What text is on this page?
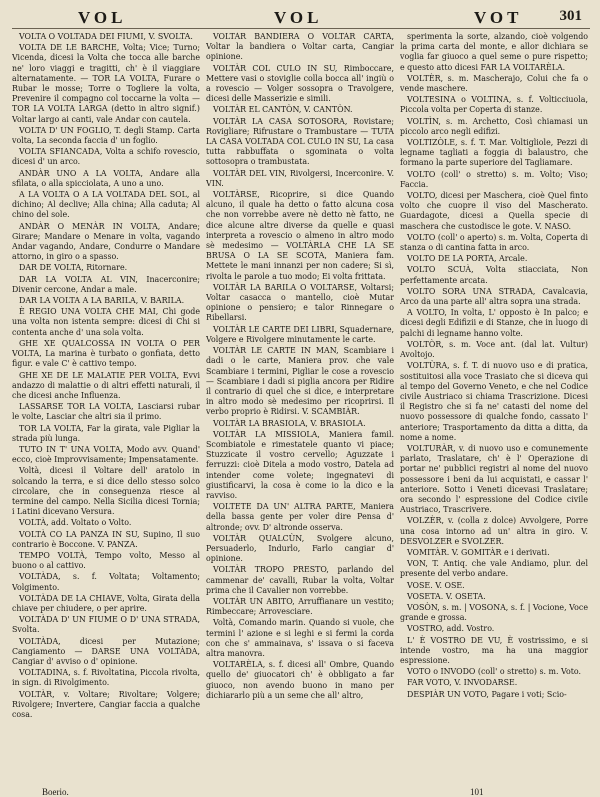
VOL	VOL	VOT 301

VOLTA O VOLTADA DEI FIUMI, V. SVOLTA.

VOLTA DE LE BARCHE, Volta; Vice; Turno; Vicenda, dicesi la Volta che tocca alle barche ne' loro viaggi e tragitti, ch' è il viaggiare alternatamente. — TOR LA VOLTA, Furare o Rubar le mosse; Torre o Togliere la volta, Prevenire il compagno col toccarne la volta — TOR LA VOLTA LARGA (detto in altro signif.) Voltar largo ai canti, vale Andar con cautela.

VOLTA D' UN FOGLIO, T. degli Stamp. Carta volta, La seconda faccia d' un foglio.

VOLTA SFIANCADA, Volta a schifo rovescio, dicesi d' un arco.

ANDÀR UNO A LA VOLTA, Andare alla sfilata, o alla spicciolata, A uno a uno.

A LA VOLTA O A LA VOLTADA DEL SOL, al dichino; Al declive; Alla china; Alla caduta; Al chino del sole.

ANDÀR O MENÀR IN VOLTA, Andare; Girare; Mandare o Menare in volta, vagando Andar vagando, Andare, Condurre o Mandare attorno, in giro o a spasso.

DAR DE VOLTA, Ritornare.

DAR LA VOLTA AL VIN, Inacerconire; Divenir cercone, Andar a male.

DAR LA VOLTA A LA BARILA, V. BARILA.

È REGIO UNA VOLTA CHE MAI, Chi gode una volta non istenta sempre: dicesi di Chi si contenta anche d' una sola volta.

GHE XE QUALCOSSA IN VOLTA O PER VOLTA, La marina è turbato o gonfiata, detto figur. e vale C' è cattivo tempo.

GHE XE DE LE MALATIE PER VOLTA, Evvi andazzo di malattie o di altri effetti naturali, il che dicesi anche Influenza.

LASSARSE TOR LA VOLTA, Lasciarsi rubar le volte, Lasciar che altri sia il primo.

TOR LA VOLTA, Far la girata, vale Pigliar la strada più lunga.

TUTO IN T' UNA VOLTA, Modo avv. Quand' ecco, cioè Improvvisamente; Impensatamente.

Voltà, dicesi il Voltare dell' aratolo in solcando la terra, e si dice dello stesso solco circolare, che in conseguenza riesce al termine del campo. Nella Sicilia dicesi Tornia; i Latini dicevano Versura.

VOLTÀ, add. Voltato o Volto.

VOLTÀ CO LA PANZA IN SU, Supino, Il suo contrario è Boccone. V. PANZA.

TEMPO VOLTÀ, Tempo volto, Messo al buono o al cattivo.

VOLTÀDA, s. f. Voltata; Voltamento; Volgimento.

VOLTÀDA DE LA CHIAVE, Volta, Girata della chiave per chiudere, o per aprire.

VOLTÀDA D' UN FIUME O D' UNA STRADA, Svolta.

VOLTÀDA, dicesi per Mutazione; Cangiamento — DARSE UNA VOLTÀDA, Cangiar d' avviso o d' opinione.

VOLTADINA, s. f. Rivoltatina, Piccola rivolta, in sign. di Rivolgimento.

VOLTÀR, v. Voltare; Rivoltare; Volgere; Rivolgere; Invertere, Cangiar faccia a qualche cosa.

VOLTÀR BANDIERA O VOLTÀR CARTA, Voltar la bandiera o Voltar carta, Cangiar opinione.

VOLTÀR COL CULO IN SU, Rimboccare, Mettere vasi o stoviglie colla bocca all' ingiù o a rovescio — Volger sossopra o Travolgere, dicesi delle Masserizie e simili.

VOLTÀR EL CANTÒN, V. CANTÒN.

VOLTÀR LA CASA SOTOSORA, Rovistare; Rovigliare; Rifrustare o Trambustare — TUTA LA CASA VOLTADA COL CULO IN SU, La casa tutta rabbuffata o sgominata o volta sottosopra o trambustata.

VOLTÀR DEL VIN, Rivolgersi, Incerconire. V. VIN.

VOLTÀRSE, Ricoprire, si dice Quando alcuno, il quale ha detto o fatto alcuna cosa che non vorrebbe avere nè detto nè fatto, ne dice alcune altre diverse da quelle e quasi interpreta a rovescio o almeno in altro modo sè medesimo — VOLTÀRLA CHE LA SE BRUSA O LA SE SCOTA, Maniera fam. Mettete le mani innanzi per non cadere; Si sì, rivolta le parole a tuo modo; Ei volta frittata.

VOLTÀR LA BARILA O VOLTARSE, Voltarsi; Voltar casacca o mantello, cioè Mutar opinione o pensiero; e talor Rinnegare o Ribellarsi.

VOLTÀR LE CARTE DEI LIBRI, Squadernare, Volgere e Rivolgere minutamente le carte.

VOLTÀR LE CARTE IN MAN, Scambiare i dadi o le carte, Maniera prov. che vale Scambiare i termini, Pigliar le cose a rovescio — Scambiare i dadi si piglia ancora per Ridire il contrario di quel che si dice, e interpretare in altro modo sè medesimo per ricoprirsi. Il verbo proprio è Ridirsi. V. SCAMBIÀR.

VOLTÀR LA BRASIOLA, V. BRASIOLA.

VOLTÀR LA MISSIOLA, Maniera famil. Scombiatole e rimestatele quanto vi piace; Stuzzicate il vostro cervello; Aguzzate i ferruzzi: cioè Ditela a modo vostro, Datela ad intender come volete; ingegnatevi di giustificarvi, la cosa è come io la dico e la ravviso.

VOLTETE DA UN' ALTRA PARTE, Maniera della bassa gente per voler dire Pensa d' altronde; ovv. D' altronde osserva.

VOLTÀR QUALCÙN, Svolgere alcuno, Persuaderlo, Indurlo, Farlo cangiar d' opinione.

VOLTÀR TROPO PRESTO, parlando del cammenar de' cavalli, Rubar la volta, Voltar prima che il Cavalier non vorrebbe.

VOLTÀR UN ABITO, Arruffianare un vestito; Rimbeccare; Arrovesciare.

Voltà, Comando marin. Quando si vuole, che termini l' azione e si leghi e si fermi la corda con che s' ammainava, s' issava o si faceva altra manovra.

VOLTARÈLA, s. f. dicesi all' Ombre, Quando quello de' giuocatori ch' è obbligato a far giuoco, non avendo buono in mano per dichiararlo più a un seme che all' altro,

sperimenta la sorte, alzando, cioè volgendo la prima carta del monte, e allor dichiara se voglia far giuoco a quel seme o pure rispetto; e questo atto dicesi FAR LA VOLTARÈLA.

VOLTÈR, s. m. Mascherajo, Colui che fa o vende maschere.

VOLTESINA o VOLTINA, s. f. Volticciuola, Piccola volta per Coperta di stanze.

VOLTÌN, s. m. Archetto, Così chiamasi un piccolo arco negli edifizi.

VOLTIZÒLE, s. f. T. Mar. Voltigliole, Pezzi di legname tagliati a foggia di balaustro, che formano la parte superiore del Tagliamare.

VOLTO (coll' o stretto) s. m. Volto; Viso; Faccia.

VOLTO, dicesi per Maschera, cioè Quel finto volto che cuopre il viso del Mascherato. Guardagote, dicesi a Quella specie di maschera che custodisce le gote. V. NASO.

VOLTO (coll' o aperto) s. m. Volta, Coperta di stanza o di cantina fatta in arco.

VOLTO DE LA PORTA, Arcale.

VOLTO SCUÀ, Volta stiacciata, Non perfettamente arcata.

VOLTO SORA UNA STRADA, Cavalcavia, Arco da una parte all' altra sopra una strada.

A VOLTO, In volta, L' opposto è In palco; e dicesi degli Edifizii e di Stanze, che in luogo di palchi di legname hanno volte.

VOLTÒR, s. m. Voce ant. (dal lat. Vultur) Avoltojo.

VOLTÙRA, s. f. T. di nuovo uso e di pratica, sostituitosi alla voce Trasiato che si diceva qui al tempo del Governo Veneto, e che nel Codice civile Austriaco si chiama Trascrizione. Dicesi il Registro che si fa ne' catasti del nome del nuovo possessore di qualche fondo, cassato l' anteriore; Trasportamento da ditta a ditta, da nome a nome.

VOLTURÀR, v. di nuovo uso e comunemente parlato, Traslatare, ch' è l' Operazione di portar ne' pubblici registri al nome del nuovo possessore i beni da lui acquistati, e cassar l' anteriore. Sotto i Veneti dicevasi Traslatare; ora secondo l' espressione del Codice civile Austriaco, Trascrivere.

VOLZÈR, v. (colla z dolce) Avvolgere, Porre una cosa intorno ad un' altra in giro. V. DESVOLZER e SVOLZER.

VOMITÀR. V. GOMITÀR e i derivati.

VON, T. Antiq. che vale Andiamo, plur. del presente del verbo andare.

VOSE. V. OSE.

VOSETA. V. OSETA.

VOSÒN, s. m. | VOSONA, s. f. | Vocione, Voce grande e grossa.

VOSTRO, add. Vostro.

L' È VOSTRO DE VU, È vostrissimo, e si intende vostro, ma ha una maggior espressione.

VOTO o INVODO (coll' o stretto) s. m. Voto.

FAR VOTO, V. INVODARSE.

DESPIÀR UN VOTO, Pagare i voti; Scio-

Boerio.	101
